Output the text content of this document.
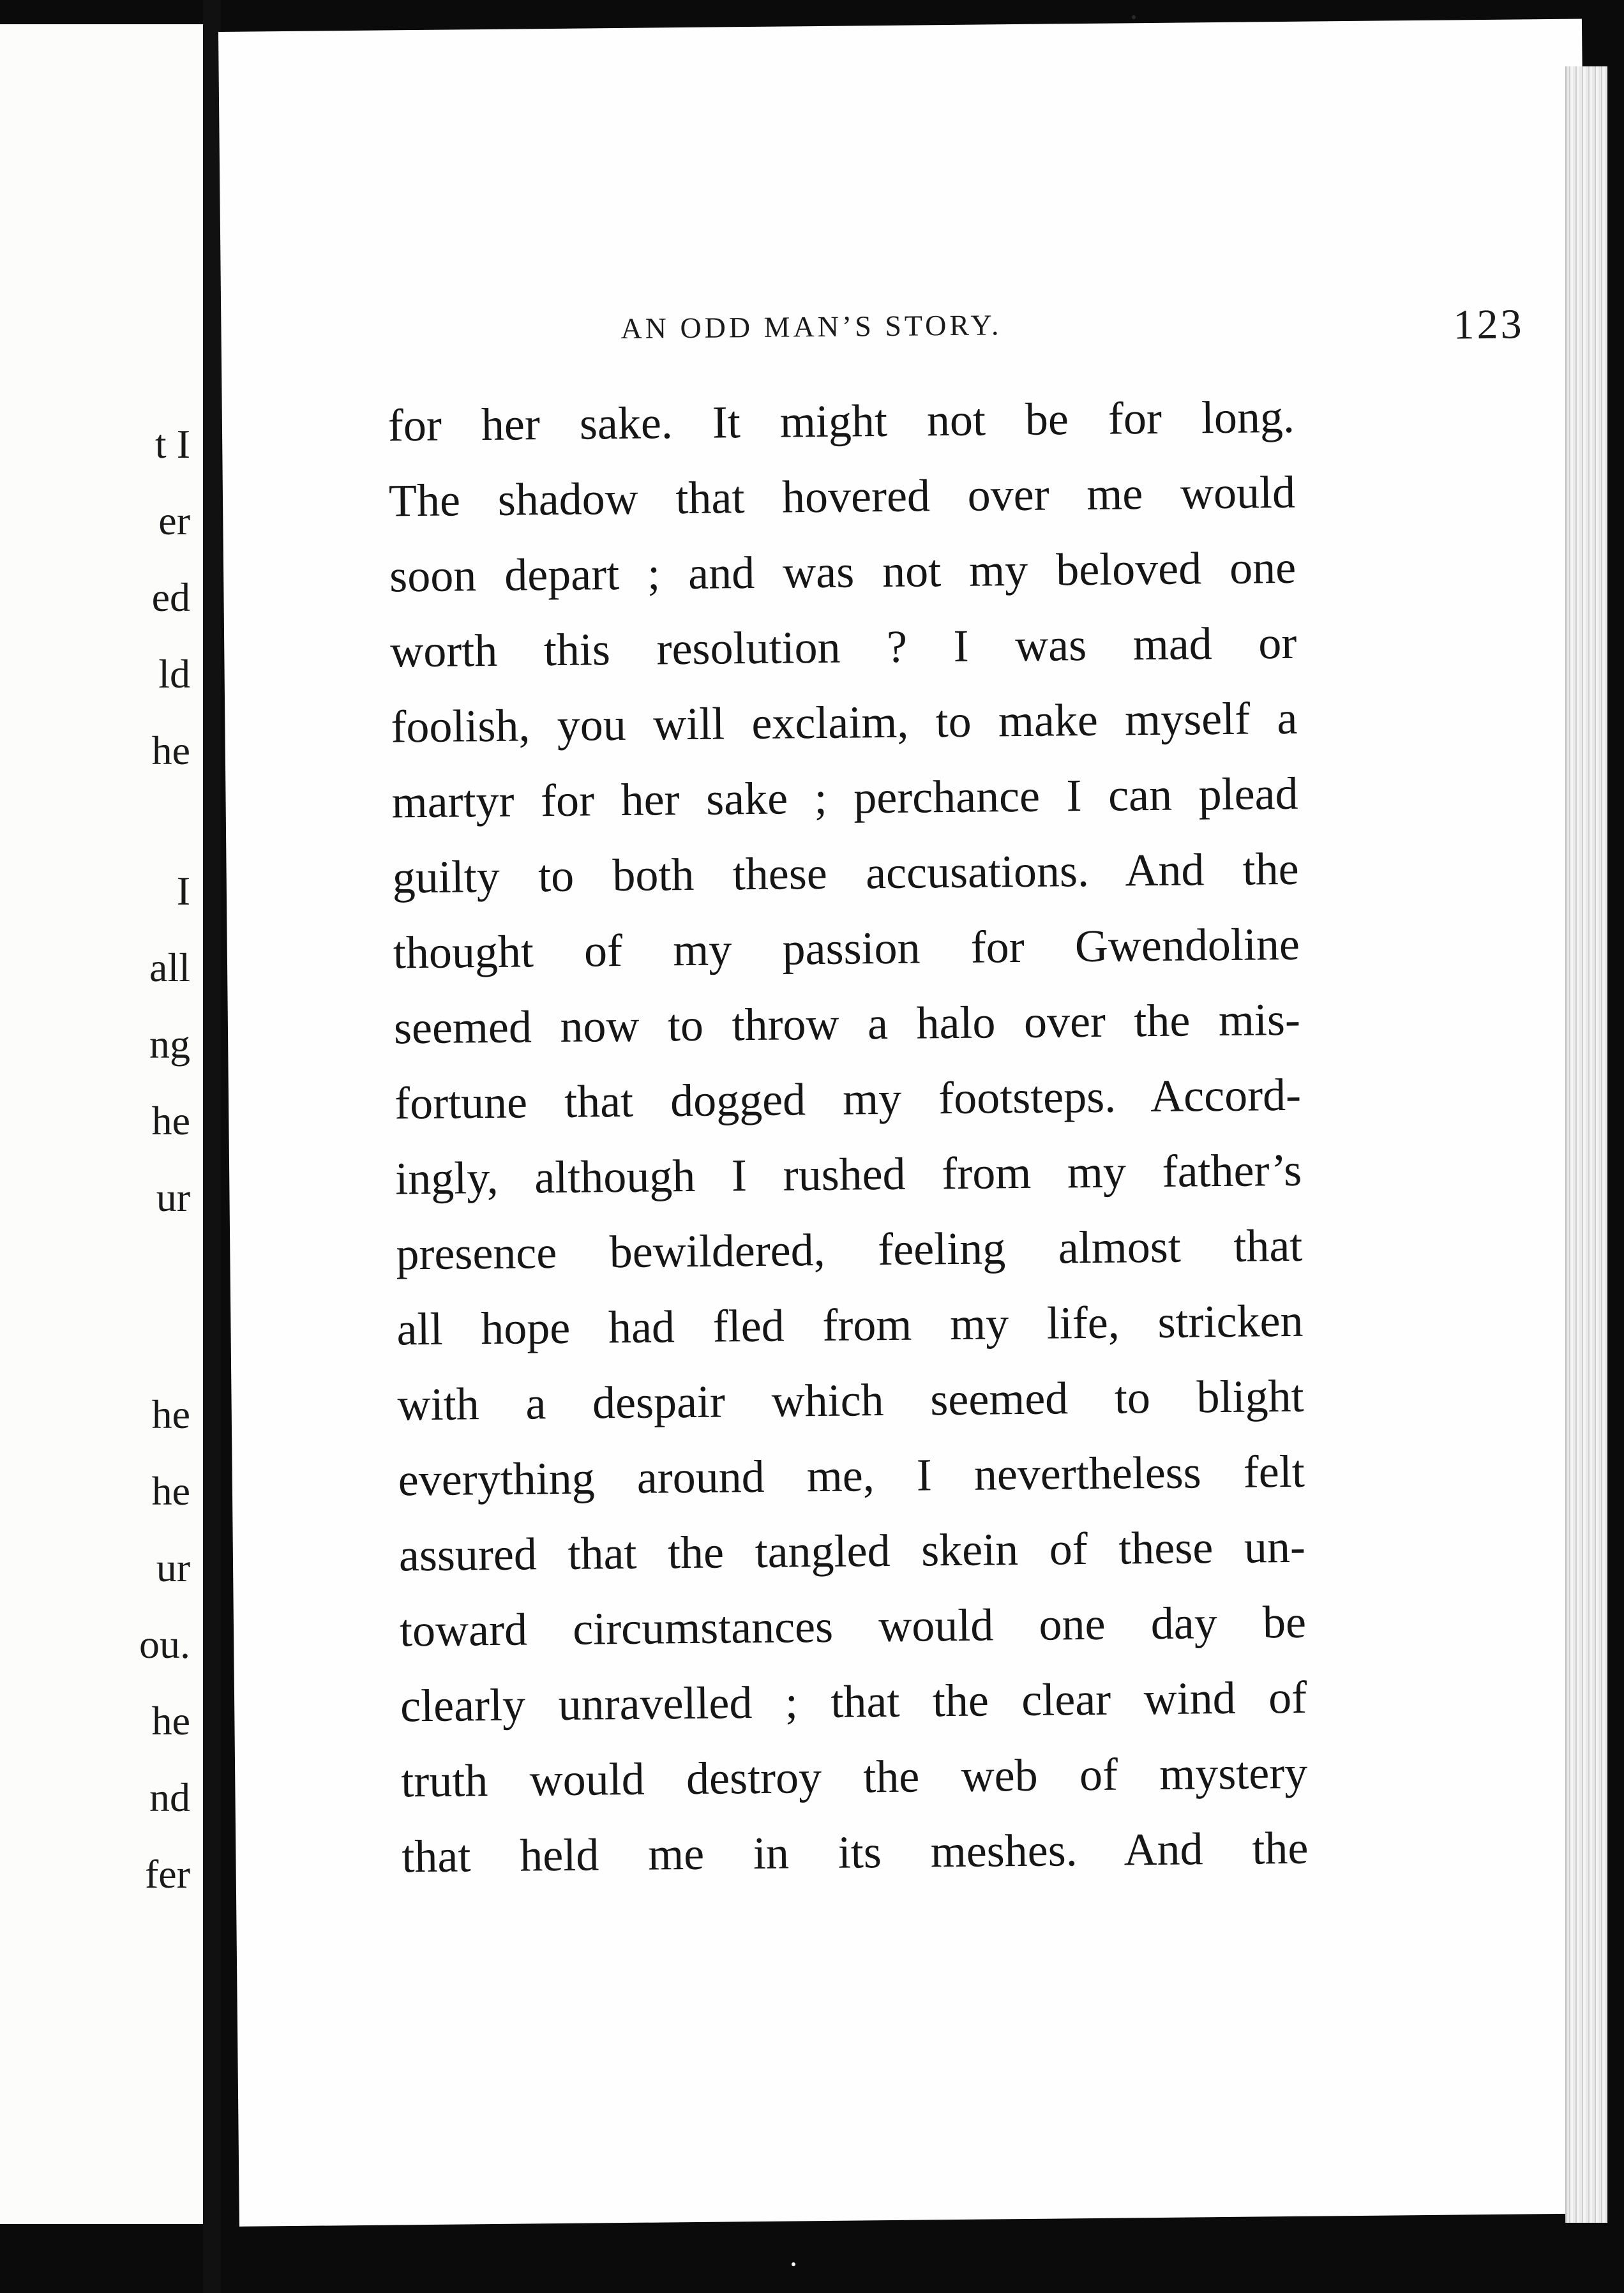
t I
er
ed
ld
he
I
all
ng
he
ur
he
he
ur
ou.
he
nd
fer
AN ODD MAN’S STORY.	123
for her sake. It might not be for long.
The shadow that hovered over me would
soon depart ; and was not my beloved one
worth this resolution ? I was mad or
foolish, you will exclaim, to make myself a
martyr for her sake ; perchance I can plead
guilty to both these accusations. And the
thought of my passion for Gwendoline
seemed now to throw a halo over the mis-
fortune that dogged my footsteps. Accord-
ingly, although I rushed from my father’s
presence bewildered, feeling almost that
all hope had fled from my life, stricken
with a despair which seemed to blight
everything around me, I nevertheless felt
assured that the tangled skein of these un-
toward circumstances would one day be
clearly unravelled ; that the clear wind of
truth would destroy the web of mystery
that held me in its meshes. And the
